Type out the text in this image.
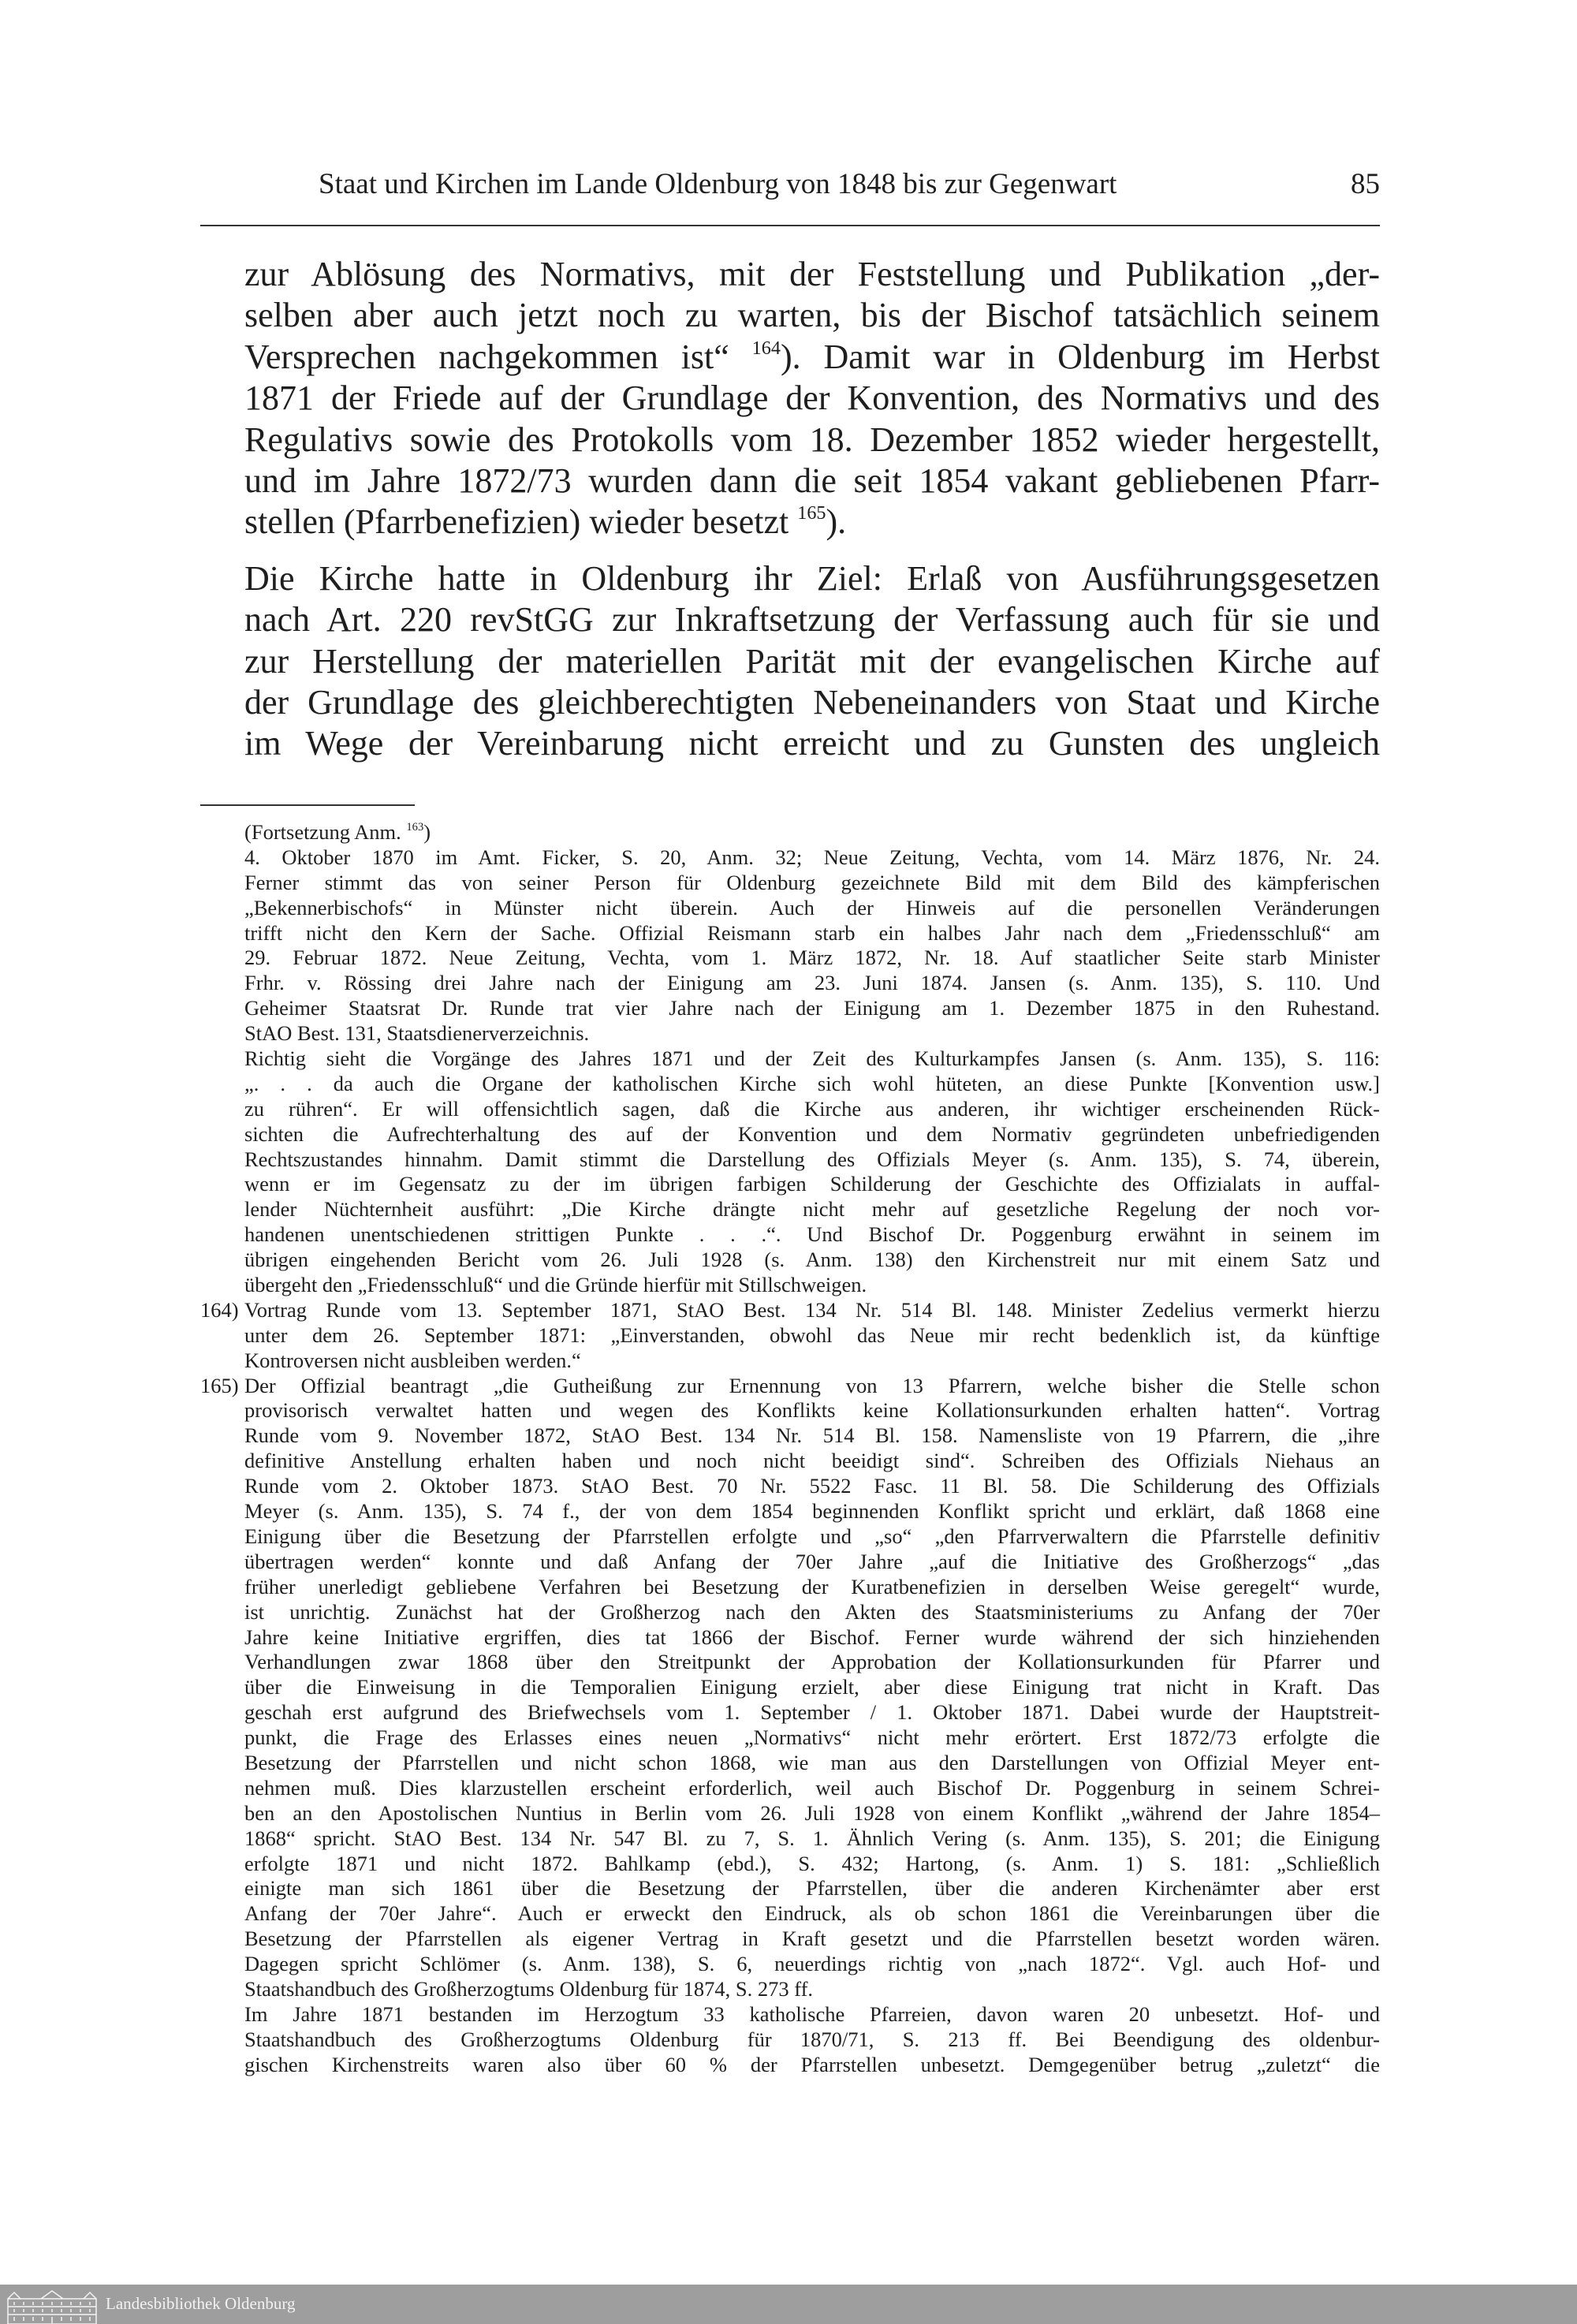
Staat und Kirchen im Lande Oldenburg von 1848 bis zur Gegenwart	85
zur Ablösung des Normativs, mit der Feststellung und Publikation „der-
selben aber auch jetzt noch zu warten, bis der Bischof tatsächlich seinem
Versprechen nachgekommen ist“ $^{164}$). Damit war in Oldenburg im Herbst
1871 der Friede auf der Grundlage der Konvention, des Normativs und des
Regulativs sowie des Protokolls vom 18. Dezember 1852 wieder hergestellt,
und im Jahre 1872/73 wurden dann die seit 1854 vakant gebliebenen Pfarr-
stellen (Pfarrbenefizien) wieder besetzt $^{165}$).
Die Kirche hatte in Oldenburg ihr Ziel: Erlaß von Ausführungsgesetzen
nach Art. 220 revStGG zur Inkraftsetzung der Verfassung auch für sie und
zur Herstellung der materiellen Parität mit der evangelischen Kirche auf
der Grundlage des gleichberechtigten Nebeneinanders von Staat und Kirche
im Wege der Vereinbarung nicht erreicht und zu Gunsten des ungleich
(Fortsetzung Anm. $^{163}$)
4. Oktober 1870 im Amt. Ficker, S. 20, Anm. 32; Neue Zeitung, Vechta, vom 14. März 1876, Nr. 24.
Ferner stimmt das von seiner Person für Oldenburg gezeichnete Bild mit dem Bild des kämpferischen
„Bekennerbischofs“ in Münster nicht überein. Auch der Hinweis auf die personellen Veränderungen
trifft nicht den Kern der Sache. Offizial Reismann starb ein halbes Jahr nach dem „Friedensschluß“ am
29. Februar 1872. Neue Zeitung, Vechta, vom 1. März 1872, Nr. 18. Auf staatlicher Seite starb Minister
Frhr. v. Rössing drei Jahre nach der Einigung am 23. Juni 1874. Jansen (s. Anm. 135), S. 110. Und
Geheimer Staatsrat Dr. Runde trat vier Jahre nach der Einigung am 1. Dezember 1875 in den Ruhestand.
StAO Best. 131, Staatsdienerverzeichnis.
Richtig sieht die Vorgänge des Jahres 1871 und der Zeit des Kulturkampfes Jansen (s. Anm. 135), S. 116:
„. . . da auch die Organe der katholischen Kirche sich wohl hüteten, an diese Punkte [Konvention usw.]
zu rühren“. Er will offensichtlich sagen, daß die Kirche aus anderen, ihr wichtiger erscheinenden Rück-
sichten die Aufrechterhaltung des auf der Konvention und dem Normativ gegründeten unbefriedigenden
Rechtszustandes hinnahm. Damit stimmt die Darstellung des Offizials Meyer (s. Anm. 135), S. 74, überein,
wenn er im Gegensatz zu der im übrigen farbigen Schilderung der Geschichte des Offizialats in auffal-
lender Nüchternheit ausführt: „Die Kirche drängte nicht mehr auf gesetzliche Regelung der noch vor-
handenen unentschiedenen strittigen Punkte . . .“. Und Bischof Dr. Poggenburg erwähnt in seinem im
übrigen eingehenden Bericht vom 26. Juli 1928 (s. Anm. 138) den Kirchenstreit nur mit einem Satz und
übergeht den „Friedensschluß“ und die Gründe hierfür mit Stillschweigen.
164) Vortrag Runde vom 13. September 1871, StAO Best. 134 Nr. 514 Bl. 148. Minister Zedelius vermerkt hierzu
unter dem 26. September 1871: „Einverstanden, obwohl das Neue mir recht bedenklich ist, da künftige
Kontroversen nicht ausbleiben werden.“
165) Der Offizial beantragt „die Gutheißung zur Ernennung von 13 Pfarrern, welche bisher die Stelle schon
provisorisch verwaltet hatten und wegen des Konflikts keine Kollationsurkunden erhalten hatten“. Vortrag
Runde vom 9. November 1872, StAO Best. 134 Nr. 514 Bl. 158. Namensliste von 19 Pfarrern, die „ihre
definitive Anstellung erhalten haben und noch nicht beeidigt sind“. Schreiben des Offizials Niehaus an
Runde vom 2. Oktober 1873. StAO Best. 70 Nr. 5522 Fasc. 11 Bl. 58. Die Schilderung des Offizials
Meyer (s. Anm. 135), S. 74 f., der von dem 1854 beginnenden Konflikt spricht und erklärt, daß 1868 eine
Einigung über die Besetzung der Pfarrstellen erfolgte und „so“ „den Pfarrverwaltern die Pfarrstelle definitiv
übertragen werden“ konnte und daß Anfang der 70er Jahre „auf die Initiative des Großherzogs“ „das
früher unerledigt gebliebene Verfahren bei Besetzung der Kuratbenefizien in derselben Weise geregelt“ wurde,
ist unrichtig. Zunächst hat der Großherzog nach den Akten des Staatsministeriums zu Anfang der 70er
Jahre keine Initiative ergriffen, dies tat 1866 der Bischof. Ferner wurde während der sich hinziehenden
Verhandlungen zwar 1868 über den Streitpunkt der Approbation der Kollationsurkunden für Pfarrer und
über die Einweisung in die Temporalien Einigung erzielt, aber diese Einigung trat nicht in Kraft. Das
geschah erst aufgrund des Briefwechsels vom 1. September / 1. Oktober 1871. Dabei wurde der Hauptstreit-
punkt, die Frage des Erlasses eines neuen „Normativs“ nicht mehr erörtert. Erst 1872/73 erfolgte die
Besetzung der Pfarrstellen und nicht schon 1868, wie man aus den Darstellungen von Offizial Meyer ent-
nehmen muß. Dies klarzustellen erscheint erforderlich, weil auch Bischof Dr. Poggenburg in seinem Schrei-
ben an den Apostolischen Nuntius in Berlin vom 26. Juli 1928 von einem Konflikt „während der Jahre 1854–
1868“ spricht. StAO Best. 134 Nr. 547 Bl. zu 7, S. 1. Ähnlich Vering (s. Anm. 135), S. 201; die Einigung
erfolgte 1871 und nicht 1872. Bahlkamp (ebd.), S. 432; Hartong, (s. Anm. 1) S. 181: „Schließlich
einigte man sich 1861 über die Besetzung der Pfarrstellen, über die anderen Kirchenämter aber erst
Anfang der 70er Jahre“. Auch er erweckt den Eindruck, als ob schon 1861 die Vereinbarungen über die
Besetzung der Pfarrstellen als eigener Vertrag in Kraft gesetzt und die Pfarrstellen besetzt worden wären.
Dagegen spricht Schlömer (s. Anm. 138), S. 6, neuerdings richtig von „nach 1872“. Vgl. auch Hof- und
Staatshandbuch des Großherzogtums Oldenburg für 1874, S. 273 ff.
Im Jahre 1871 bestanden im Herzogtum 33 katholische Pfarreien, davon waren 20 unbesetzt. Hof- und
Staatshandbuch des Großherzogtums Oldenburg für 1870/71, S. 213 ff. Bei Beendigung des oldenbur-
gischen Kirchenstreits waren also über 60 % der Pfarrstellen unbesetzt. Demgegenüber betrug „zuletzt“ die
Landesbibliothek Oldenburg
